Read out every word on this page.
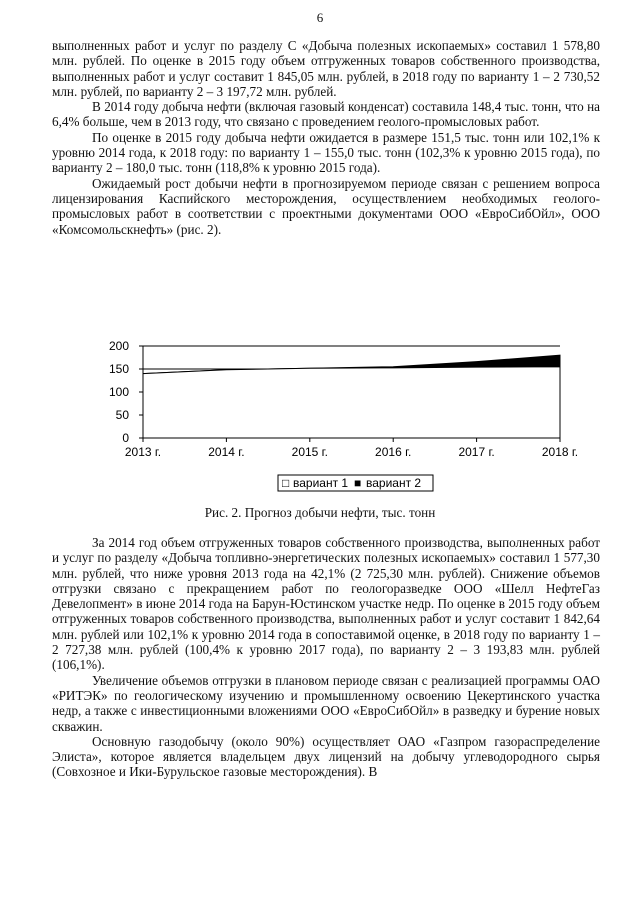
6

выполненных работ и услуг по разделу С «Добыча полезных ископаемых» составил 1 578,80 млн. рублей. По оценке в 2015 году объем отгруженных товаров собственного производства, выполненных работ и услуг составит 1 845,05 млн. рублей, в 2018 году по варианту 1 – 2 730,52 млн. рублей, по варианту 2 – 3 197,72 млн. рублей.

В 2014 году добыча нефти (включая газовый конденсат) составила 148,4 тыс. тонн, что на 6,4% больше, чем в 2013 году, что связано с проведением геолого-промысловых работ.

По оценке в 2015 году добыча нефти ожидается в размере 151,5 тыс. тонн или 102,1% к уровню 2014 года, к 2018 году: по варианту 1 – 155,0 тыс. тонн (102,3% к уровню 2015 года), по варианту 2 – 180,0 тыс. тонн (118,8% к уровню 2015 года).

Ожидаемый рост добычи нефти в прогнозируемом периоде связан с решением вопроса лицензирования Каспийского месторождения, осуществлением необходимых геолого-промысловых работ в соответствии с проектными документами ООО «ЕвроСибОйл», ООО «Комсомольскнефть» (рис. 2).

0
50
100
150
200
2013 г.	2014 г.	2015 г.	2016 г.	2017 г.	2018 г.
□ вариант 1 ■ вариант 2
Рис. 2. Прогноз добычи нефти, тыс. тонн

За 2014 год объем отгруженных товаров собственного производства, выполненных работ и услуг по разделу «Добыча топливно-энергетических полезных ископаемых» составил 1 577,30 млн. рублей, что ниже уровня 2013 года на 42,1% (2 725,30 млн. рублей). Снижение объемов отгрузки связано с прекращением работ по геологоразведке ООО «Шелл НефтеГаз Девелопмент» в июне 2014 года на Барун-Юстинском участке недр. По оценке в 2015 году объем отгруженных товаров собственного производства, выполненных работ и услуг составит 1 842,64 млн. рублей или 102,1% к уровню 2014 года в сопоставимой оценке, в 2018 году по варианту 1 – 2 727,38 млн. рублей (100,4% к уровню 2017 года), по варианту 2 – 3 193,83 млн. рублей (106,1%).

Увеличение объемов отгрузки в плановом периоде связан с реализацией программы ОАО «РИТЭК» по геологическому изучению и промышленному освоению Цекертинского участка недр, а также с инвестиционными вложениями ООО «ЕвроСибОйл» в разведку и бурение новых скважин.

Основную газодобычу (около 90%) осуществляет ОАО «Газпром газораспределение Элиста», которое является владельцем двух лицензий на добычу углеводородного сырья (Совхозное и Ики-Бурульское газовые месторождения). В
